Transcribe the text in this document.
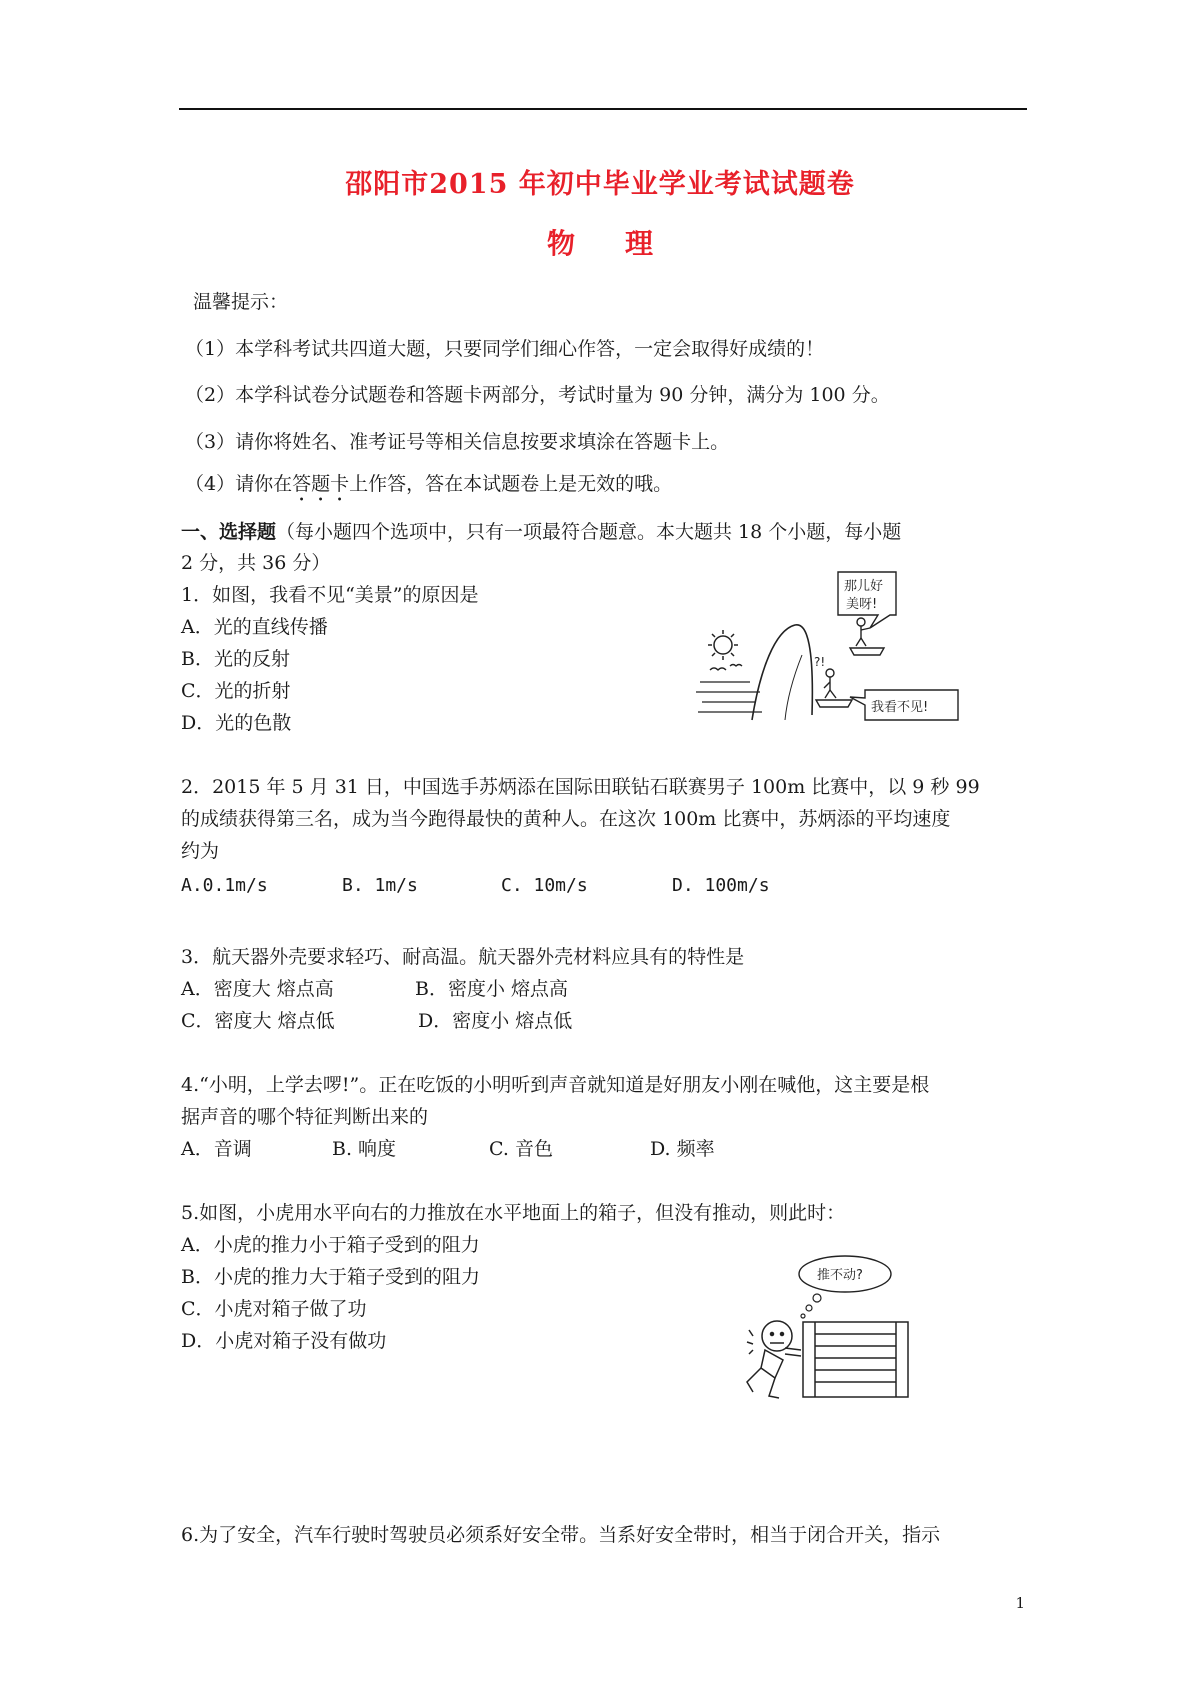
邵阳市2015 年初中毕业学业考试试题卷
物理
温馨提示：
（1）本学科考试共四道大题，只要同学们细心作答，一定会取得好成绩的！
（2）本学科试卷分试题卷和答题卡两部分，考试时量为 90 分钟，满分为 100 分。
（3）请你将姓名、准考证号等相关信息按要求填涂在答题卡上。
（4）请你在答题卡上作答，答在本试题卷上是无效的哦。
一、选择题（每小题四个选项中，只有一项最符合题意。本大题共 18 个小题，每小题
2 分，共 36 分）
1．如图，我看不见“美景”的原因是
A．光的直线传播
B．光的反射
C．光的折射
D．光的色散
?!
那儿好
美呀!
我看不见!
2．2015 年 5 月 31 日，中国选手苏炳添在国际田联钻石联赛男子 100m 比赛中，以 9 秒 99
的成绩获得第三名，成为当今跑得最快的黄种人。在这次 100m 比赛中，苏炳添的平均速度
约为
A.0.1m/s	B. 1m/s	C. 10m/s	D. 100m/s
3．航天器外壳要求轻巧、耐高温。航天器外壳材料应具有的特性是
A．密度大 熔点高	B．密度小 熔点高
C．密度大 熔点低	D．密度小 熔点低
4.“小明，上学去啰!”。正在吃饭的小明听到声音就知道是好朋友小刚在喊他，这主要是根
据声音的哪个特征判断出来的
A．音调	B. 响度	C. 音色	D. 频率
5.如图，小虎用水平向右的力推放在水平地面上的箱子，但没有推动，则此时：
A．小虎的推力小于箱子受到的阻力
B．小虎的推力大于箱子受到的阻力
C．小虎对箱子做了功
D．小虎对箱子没有做功
推不动?
6.为了安全，汽车行驶时驾驶员必须系好安全带。当系好安全带时，相当于闭合开关，指示
1
